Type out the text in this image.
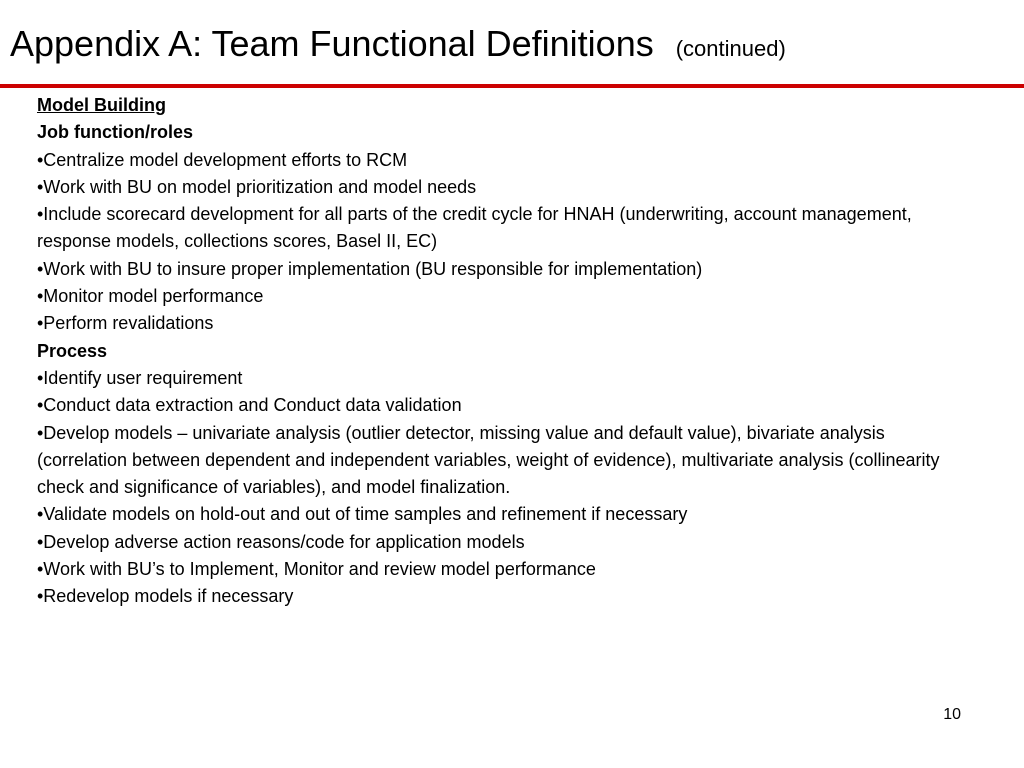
Appendix A: Team Functional Definitions (continued)
Model Building
Job function/roles
•Centralize model development efforts to RCM
•Work with BU on model prioritization and model needs
•Include scorecard development for all parts of the credit cycle for HNAH (underwriting, account management, response models, collections scores, Basel II, EC)
•Work with BU to insure proper implementation (BU responsible for implementation)
•Monitor model performance
•Perform revalidations
Process
•Identify user requirement
•Conduct data extraction and Conduct data validation
•Develop models – univariate analysis (outlier detector, missing value and default value), bivariate analysis (correlation between dependent and independent variables, weight of evidence), multivariate analysis (collinearity check and significance of variables), and model finalization.
•Validate models on hold-out and out of time samples and refinement if necessary
•Develop adverse action reasons/code for application models
•Work with BU’s to Implement, Monitor and review model performance
•Redevelop models if necessary
10
